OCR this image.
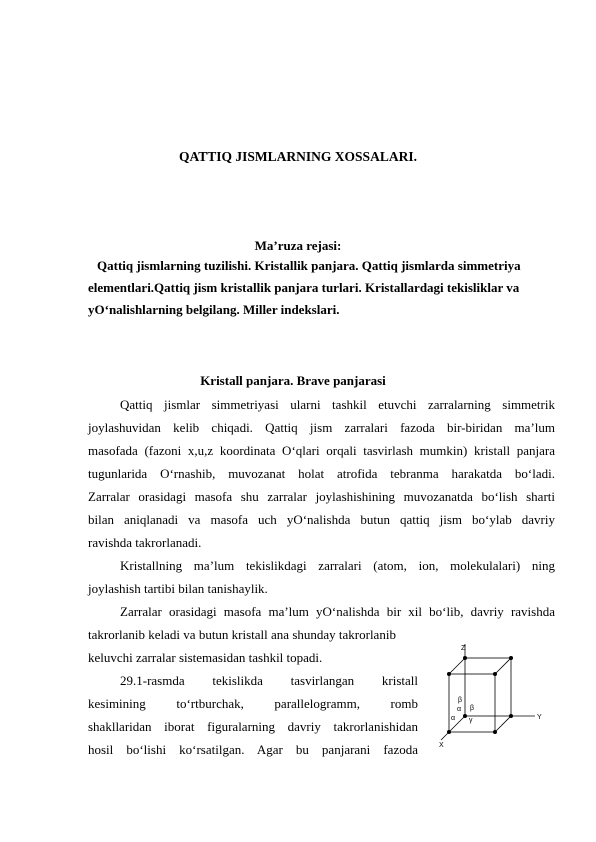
QATTIQ JISMLARNING XOSSALARI.

Ma’ruza rejasi:

Qattiq jismlarning tuzilishi. Kristallik panjara. Qattiq jismlarda simmetriya

elementlari.Qattiq jism kristallik panjara turlari. Kristallardagi tekisliklar va

yO‘nalishlarning belgilang. Miller indekslari.

Kristall panjara. Brave panjarasi

Qattiq jismlar simmetriyasi ularni tashkil etuvchi zarralarning simmetrik

joylashuvidan kelib chiqadi. Qattiq jism zarralari fazoda bir-biridan ma’lum

masofada (fazoni x,u,z koordinata O‘qlari orqali tasvirlash mumkin) kristall panjara

tugunlarida O‘rnashib, muvozanat holat atrofida tebranma harakatda bo‘ladi.

Zarralar orasidagi masofa shu zarralar joylashishining muvozanatda bo‘lish sharti

bilan aniqlanadi va masofa uch yO‘nalishda butun qattiq jism bo‘ylab davriy

ravishda takrorlanadi.

Kristallning ma’lum tekislikdagi zarralari (atom, ion, molekulalari) ning

joylashish tartibi bilan tanishaylik.

Zarralar orasidagi masofa ma’lum yO‘nalishda bir xil bo‘lib, davriy ravishda

takrorlanib keladi va butun kristall ana shunday takrorlanib

keluvchi zarralar sistemasidan tashkil topadi.

29.1-rasmda tekislikda tasvirlangan kristall

kesimining to‘rtburchak, parallelogramm, romb

shakllaridan iborat figuralarning davriy takrorlanishidan

hosil bo‘lishi ko‘rsatilgan. Agar bu panjarani fazoda

Z
Y
X
β
α β
α γ
